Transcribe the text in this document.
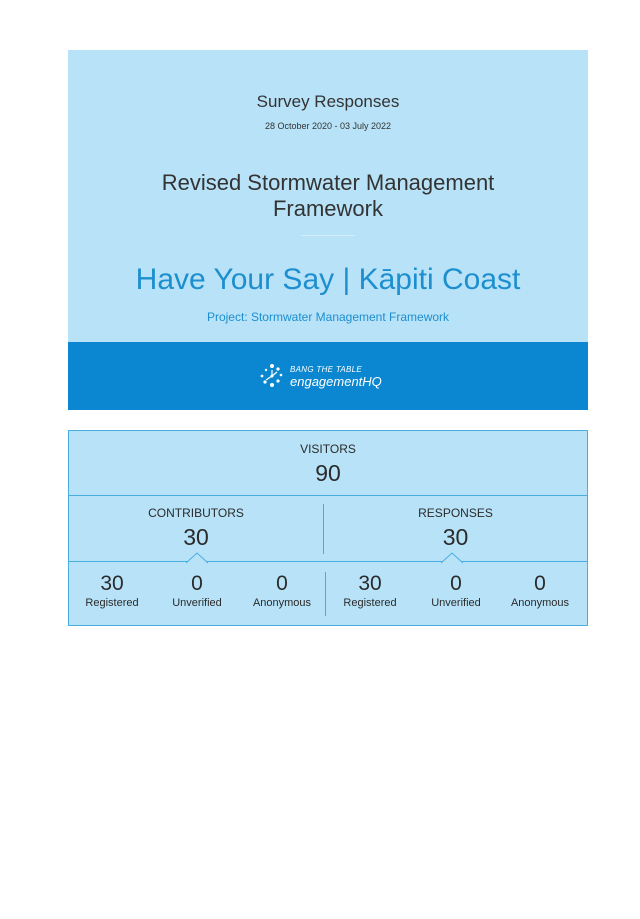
Survey Responses
28 October 2020 - 03 July 2022
Revised Stormwater Management Framework
Have Your Say | Kāpiti Coast
Project: Stormwater Management Framework
BANG THE TABLE
engagementHQ
VISITORS
90
CONTRIBUTORS
30
RESPONSES
30
30
Registered
0
Unverified
0
Anonymous
30
Registered
0
Unverified
0
Anonymous
